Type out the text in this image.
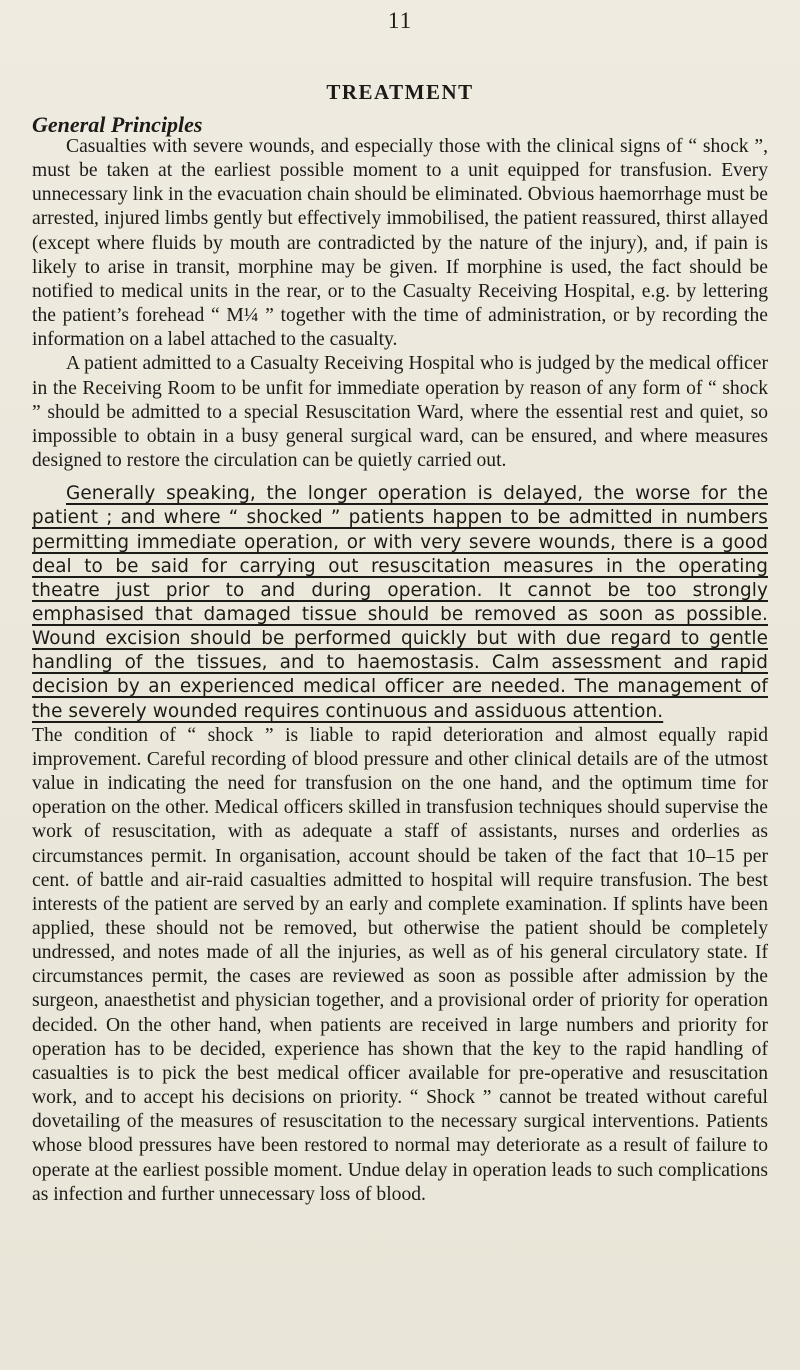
11
TREATMENT
General Principles

Casualties with severe wounds, and especially those with the clinical signs of “ shock ”, must be taken at the earliest possible moment to a unit equipped for transfusion. Every unnecessary link in the evacuation chain should be eliminated. Obvious haemorrhage must be arrested, injured limbs gently but effectively immobilised, the patient reassured, thirst allayed (except where fluids by mouth are contradicted by the nature of the injury), and, if pain is likely to arise in transit, morphine may be given. If morphine is used, the fact should be notified to medical units in the rear, or to the Casualty Receiving Hospital, e.g. by lettering the patient’s forehead “ M¼ ” together with the time of administration, or by recording the information on a label attached to the casualty.

A patient admitted to a Casualty Receiving Hospital who is judged by the medical officer in the Receiving Room to be unfit for immediate operation by reason of any form of “ shock ” should be admitted to a special Resuscitation Ward, where the essential rest and quiet, so impossible to obtain in a busy general surgical ward, can be ensured, and where measures designed to restore the circulation can be quietly carried out.

Generally speaking, the longer operation is delayed, the worse for the patient ; and where “ shocked ” patients happen to be admitted in numbers permitting immediate operation, or with very severe wounds, there is a good deal to be said for carrying out resuscitation measures in the operating theatre just prior to and during operation. It cannot be too strongly emphasised that damaged tissue should be removed as soon as possible. Wound excision should be performed quickly but with due regard to gentle handling of the tissues, and to haemostasis. Calm assessment and rapid decision by an experienced medical officer are needed. The management of the severely wounded requires continuous and assiduous attention.

The condition of “ shock ” is liable to rapid deterioration and almost equally rapid improvement. Careful recording of blood pressure and other clinical details are of the utmost value in indicating the need for transfusion on the one hand, and the optimum time for operation on the other. Medical officers skilled in transfusion techniques should supervise the work of resuscitation, with as adequate a staff of assistants, nurses and orderlies as circumstances permit. In organisation, account should be taken of the fact that 10–15 per cent. of battle and air-raid casualties admitted to hospital will require transfusion. The best interests of the patient are served by an early and complete examination. If splints have been applied, these should not be removed, but otherwise the patient should be completely undressed, and notes made of all the injuries, as well as of his general circulatory state. If circumstances permit, the cases are reviewed as soon as possible after admission by the surgeon, anaesthetist and physician together, and a provisional order of priority for operation decided. On the other hand, when patients are received in large numbers and priority for operation has to be decided, experience has shown that the key to the rapid handling of casualties is to pick the best medical officer available for pre-operative and resuscitation work, and to accept his decisions on priority. “ Shock ” cannot be treated without careful dovetailing of the measures of resuscitation to the necessary surgical interventions. Patients whose blood pressures have been restored to normal may deteriorate as a result of failure to operate at the earliest possible moment. Undue delay in operation leads to such complications as infection and further unnecessary loss of blood.
